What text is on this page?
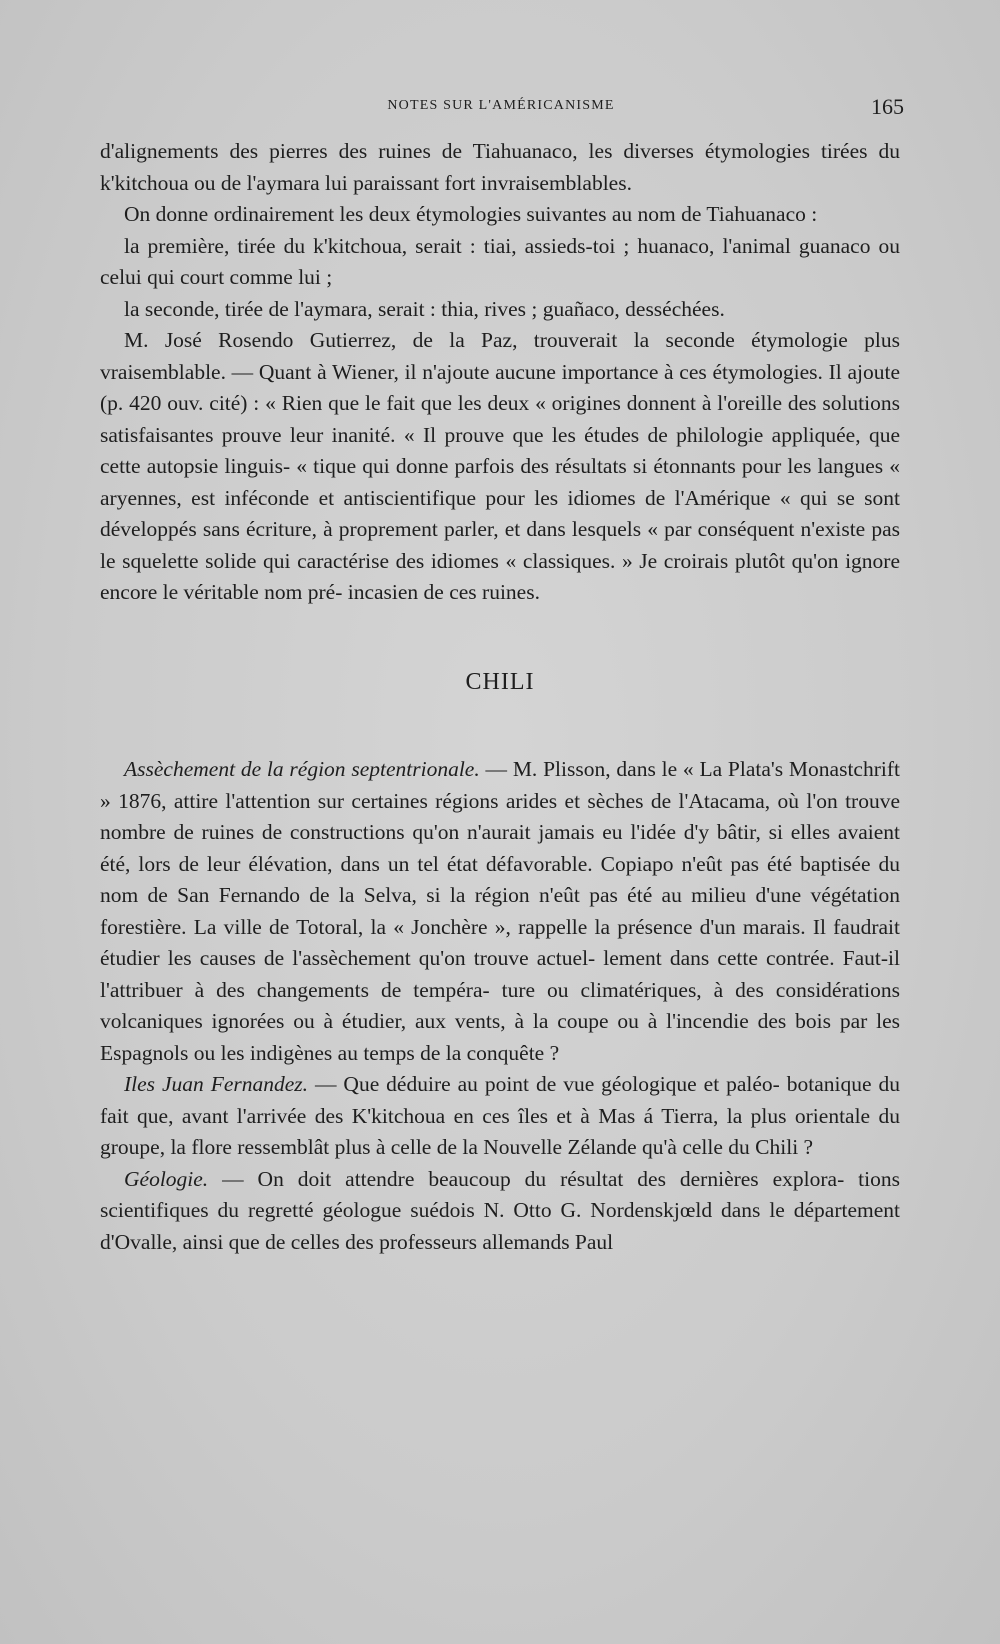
NOTES SUR L'AMÉRICANISME	165

d'alignements des pierres des ruines de Tiahuanaco, les diverses étymologies tirées du k'kitchoua ou de l'aymara lui paraissant fort invraisemblables.

On donne ordinairement les deux étymologies suivantes au nom de Tiahuanaco :

la première, tirée du k'kitchoua, serait : tiai, assieds-toi ; huanaco, l'animal guanaco ou celui qui court comme lui ;

la seconde, tirée de l'aymara, serait : thia, rives ; guañaco, desséchées.

M. José Rosendo Gutierrez, de la Paz, trouverait la seconde étymologie plus vraisemblable. — Quant à Wiener, il n'ajoute aucune importance à ces étymologies. Il ajoute (p. 420 ouv. cité) : « Rien que le fait que les deux « origines donnent à l'oreille des solutions satisfaisantes prouve leur inanité. « Il prouve que les études de philologie appliquée, que cette autopsie linguis- « tique qui donne parfois des résultats si étonnants pour les langues « aryennes, est inféconde et antiscientifique pour les idiomes de l'Amérique « qui se sont développés sans écriture, à proprement parler, et dans lesquels « par conséquent n'existe pas le squelette solide qui caractérise des idiomes « classiques. » Je croirais plutôt qu'on ignore encore le véritable nom pré- incasien de ces ruines.

CHILI

Assèchement de la région septentrionale. — M. Plisson, dans le « La Plata's Monastchrift » 1876, attire l'attention sur certaines régions arides et sèches de l'Atacama, où l'on trouve nombre de ruines de constructions qu'on n'aurait jamais eu l'idée d'y bâtir, si elles avaient été, lors de leur élévation, dans un tel état défavorable. Copiapo n'eût pas été baptisée du nom de San Fernando de la Selva, si la région n'eût pas été au milieu d'une végétation forestière. La ville de Totoral, la « Jonchère », rappelle la présence d'un marais. Il faudrait étudier les causes de l'assèchement qu'on trouve actuel- lement dans cette contrée. Faut-il l'attribuer à des changements de tempéra- ture ou climatériques, à des considérations volcaniques ignorées ou à étudier, aux vents, à la coupe ou à l'incendie des bois par les Espagnols ou les indigènes au temps de la conquête ?

Iles Juan Fernandez. — Que déduire au point de vue géologique et paléo- botanique du fait que, avant l'arrivée des K'kitchoua en ces îles et à Mas á Tierra, la plus orientale du groupe, la flore ressemblât plus à celle de la Nouvelle Zélande qu'à celle du Chili ?

Géologie. — On doit attendre beaucoup du résultat des dernières explora- tions scientifiques du regretté géologue suédois N. Otto G. Nordenskjœld dans le département d'Ovalle, ainsi que de celles des professeurs allemands Paul
